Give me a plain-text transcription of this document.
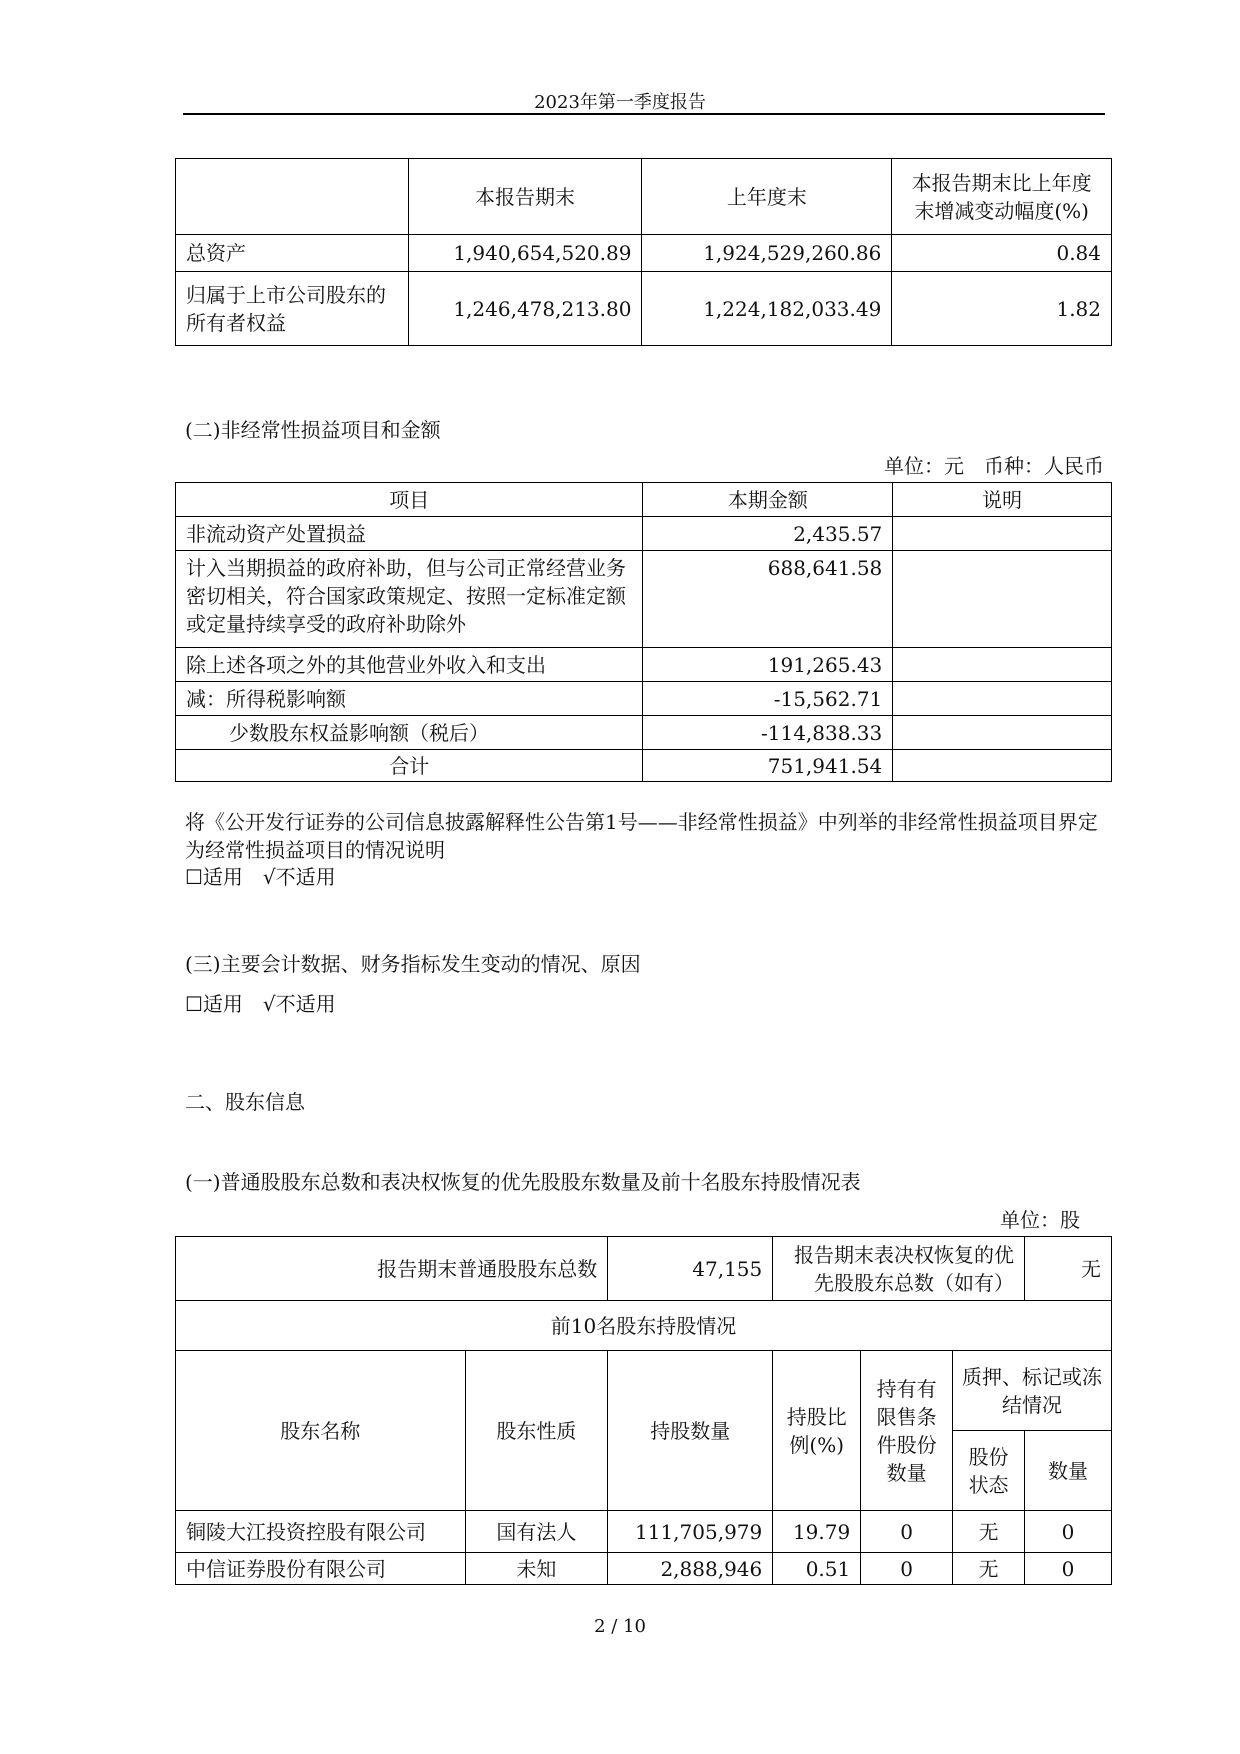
2023年第一季度报告
	本报告期末	上年度末	本报告期末比上年度末增减变动幅度(%)
总资产	1,940,654,520.89	1,924,529,260.86	0.84
归属于上市公司股东的所有者权益	1,246,478,213.80	1,224,182,033.49	1.82
(二)非经常性损益项目和金额
单位：元　币种：人民币
项目	本期金额	说明
非流动资产处置损益	2,435.57	
计入当期损益的政府补助，但与公司正常经营业务密切相关，符合国家政策规定、按照一定标准定额或定量持续享受的政府补助除外	688,641.58	
除上述各项之外的其他营业外收入和支出	191,265.43	
减：所得税影响额	-15,562.71	
少数股东权益影响额（税后）	-114,838.33	
合计	751,941.54	
将《公开发行证券的公司信息披露解释性公告第1号——非经常性损益》中列举的非经常性损益项目界定为经常性损益项目的情况说明
☐适用　√不适用
(三)主要会计数据、财务指标发生变动的情况、原因
☐适用　√不适用
二、股东信息
(一)普通股股东总数和表决权恢复的优先股股东数量及前十名股东持股情况表
单位：股
报告期末普通股股东总数		47,155	报告期末表决权恢复的优先股股东总数（如有）			无
前10名股东持股情况						
股东名称	股东性质	持股数量	持股比例(%)	持有有限售条件股份数量	质押、标记或冻结情况	
					股份状态	数量
铜陵大江投资控股有限公司	国有法人	111,705,979	19.79	0	无	0
中信证券股份有限公司	未知	2,888,946	0.51	0	无	0
2 / 10
